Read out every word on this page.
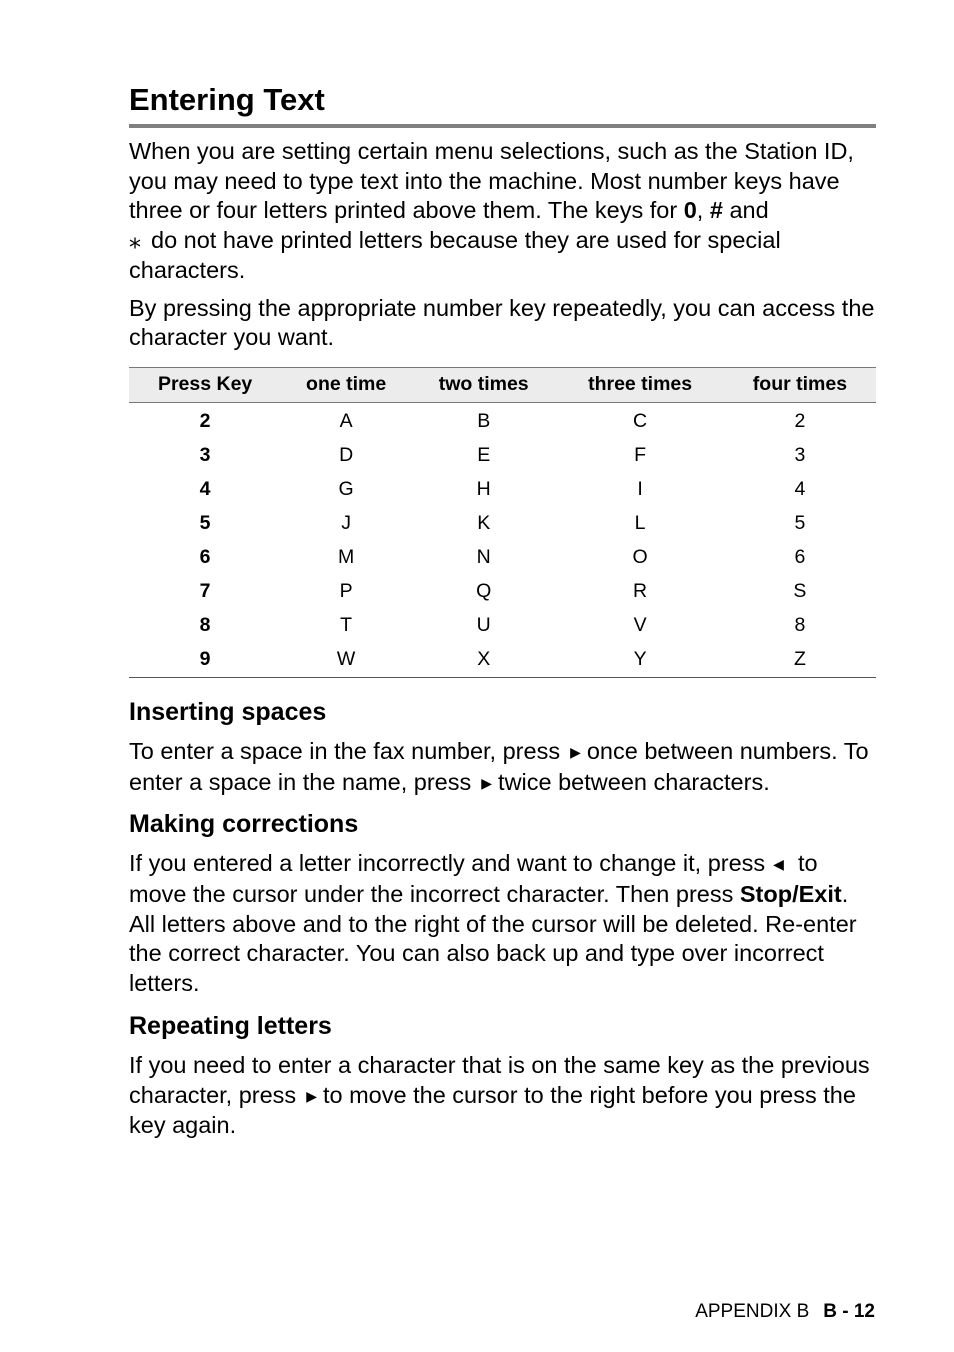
Entering Text

When you are setting certain menu selections, such as the Station ID, you may need to type text into the machine. Most number keys have three or four letters printed above them. The keys for 0, # and
⁎ do not have printed letters because they are used for special characters.

By pressing the appropriate number key repeatedly, you can access the character you want.

Press Key	one time	two times	three times	four times
2	A	B	C	2
3	D	E	F	3
4	G	H	I	4
5	J	K	L	5
6	M	N	O	6
7	P	Q	R	S
8	T	U	V	8
9	W	X	Y	Z
Inserting spaces

To enter a space in the fax number, press ▶ once between numbers. To enter a space in the name, press ▶ twice between characters.

Making corrections

If you entered a letter incorrectly and want to change it, press ◀ to move the cursor under the incorrect character. Then press Stop/Exit. All letters above and to the right of the cursor will be deleted. Re-enter the correct character. You can also back up and type over incorrect letters.

Repeating letters

If you need to enter a character that is on the same key as the previous character, press ▶ to move the cursor to the right before you press the key again.

APPENDIX B B - 12
